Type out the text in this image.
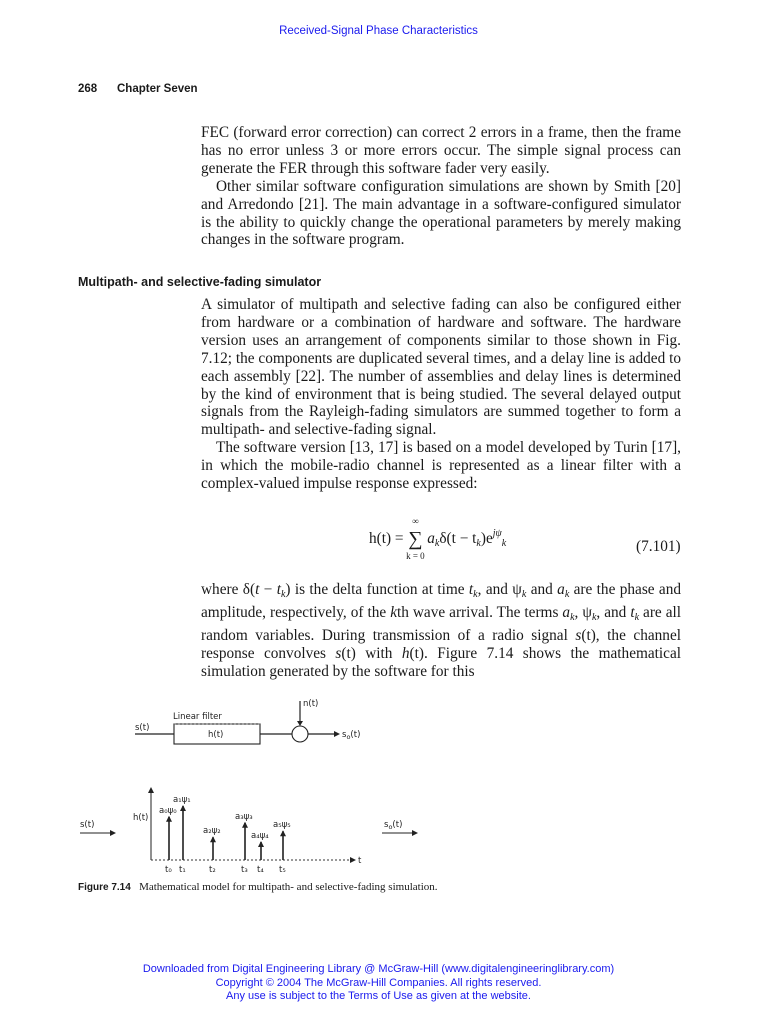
Received-Signal Phase Characteristics
268 Chapter Seven

FEC (forward error correction) can correct 2 errors in a frame, then the frame has no error unless 3 or more errors occur. The simple signal process can generate the FER through this software fader very easily.

Other similar software configuration simulations are shown by Smith [20] and Arredondo [21]. The main advantage in a software-configured simulator is the ability to quickly change the operational parameters by merely making changes in the software program.

Multipath- and selective-fading simulator

A simulator of multipath and selective fading can also be configured either from hardware or a combination of hardware and software. The hardware version uses an arrangement of components similar to those shown in Fig. 7.12; the components are duplicated several times, and a delay line is added to each assembly [22]. The number of assemblies and delay lines is determined by the kind of environment that is being studied. The several delayed output signals from the Rayleigh-fading simulators are summed together to form a multipath- and selective-fading signal.

The software version [13, 17] is based on a model developed by Turin [17], in which the mobile-radio channel is represented as a linear filter with a complex-valued impulse response expressed:

h(t) =
∞
∑
k = 0
$a_k\delta(t - t_k)e^{j\psi}_k$	(7.101)

where $\delta(t - t_k)$ is the delta function at time $t_k$, and $\psi_k$ and $a_k$ are the phase and amplitude, respectively, of the kth wave arrival. The terms $a_k$, $\psi_k$, and $t_k$ are all random variables. During transmission of a radio signal s(t), the channel response convolves s(t) with h(t). Figure 7.14 shows the mathematical simulation generated by the software for this

s(t)
Linear filter
h(t)
n(t)
$s_o(t)$
s(t)
h(t)
t
a₀ψ₀
t₀
a₁ψ₁
t₁
a₂ψ₂
t₂
a₃ψ₃
t₃
a₄ψ₄
t₄
a₅ψ₅
t₅
$s_o(t)$
Figure 7.14 Mathematical model for multipath- and selective-fading simulation.
Downloaded from Digital Engineering Library @ McGraw-Hill (www.digitalengineeringlibrary.com)
Copyright © 2004 The McGraw-Hill Companies. All rights reserved.
Any use is subject to the Terms of Use as given at the website.
